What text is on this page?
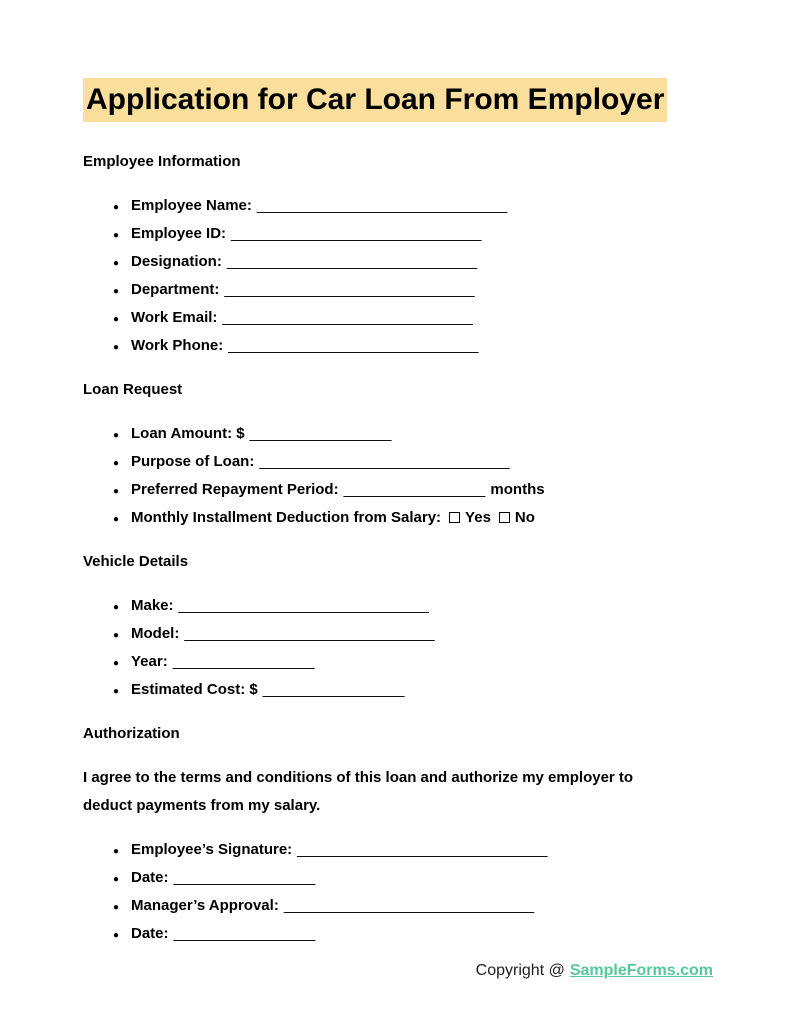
Application for Car Loan From Employer
Employee Information
●
Employee Name: ______________________________
●
Employee ID: ______________________________
●
Designation: ______________________________
●
Department: ______________________________
●
Work Email: ______________________________
●
Work Phone: ______________________________
Loan Request
●
Loan Amount: $ _________________
●
Purpose of Loan: ______________________________
●
Preferred Repayment Period: _________________ months
●
Monthly Installment Deduction from Salary: Yes No
Vehicle Details
●
Make: ______________________________
●
Model: ______________________________
●
Year: _________________
●
Estimated Cost: $ _________________
Authorization

I agree to the terms and conditions of this loan and authorize my employer to
deduct payments from my salary.

●
Employee’s Signature: ______________________________
●
Date: _________________
●
Manager’s Approval: ______________________________
●
Date: _________________
Copyright @ SampleForms.com
